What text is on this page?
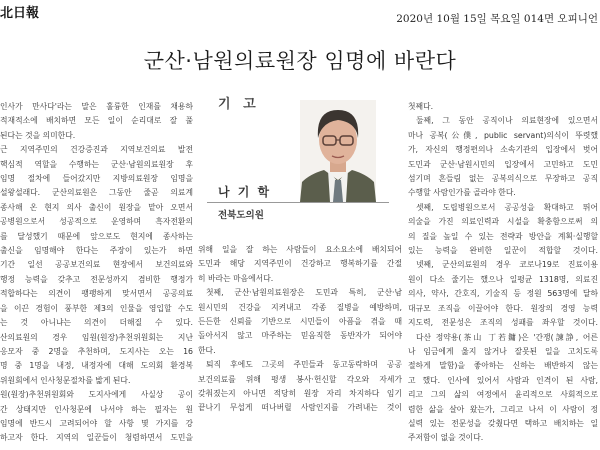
北日報	2020년 10월 15일 목요일 014면 오피니언
군산·남원의료원장 임명에 바란다
인사가 만사다'라는 말은 훌륭한 인재를 채용하
적재적소에 배치하면 모든 일이 순리대로 잘 풀
된다는 것을 의미한다.
근 지역주민의 건강증진과 지역보건의료 발전
핵심적 역할을 수행하는 군산·남원의료원장 후
임명 절차에 들어갔지만 지방의료원장 임명을
설왕설래다. 군산의료원은 그동안 줄곧 의료계
종사해 온 현지 의사 출신이 원장을 맡아 오면서
공병원으로서 성공적으로 운영하며 흑자전환의
를 달성했기 때문에 앞으로도 현지에 종사하는
출신을 임명해야 한다는 주장이 있는가 하면
기간 일선 공공보건의료 현장에서 보건의료와
행정 능력을 갖추고 전문성까지 겸비한 행정가
적합하다는 의견이 팽팽하게 맞서면서 공공의료
을 이끈 경험이 풍부한 제3의 인물을 영입할 수도
는 것 아니냐는 의견이 더해질 수 있다.
산의료원의 경우 임원(원장)추천위원회는 지난
응모자 중 2명을 추천하며, 도지사는 오는 16
명 중 1명을 내정, 내정자에 대해 도의회 환경복
위원회에서 인사청문절차를 밟게 된다.
원(원장)추천위원회와 도지사에게 사실상 공이
간 상태지만 인사청문에 나서야 하는 필자는 원
임명에 반드시 고려되어야 할 사항 몇 가지를 강
하고자 한다. 지역의 일꾼들이 청렴하면서 도민을
기 고
나 기 학
전북도의원
위해 일을 잘 하는 사람들이 요소요소에 배치되어
도민과 해당 지역주민이 건강하고 행복하기를 간절
히 바라는 마음에서다.
첫째, 군산·남원의료원장은 도민과 특히, 군산·남
원시민의 건강을 지켜내고 각종 질병을 예방하며,
든든한 신뢰를 기반으로 시민들이 아픔을 겪을 때
돌아서지 않고 마주하는 믿음직한 동반자가 되어야
한다.
퇴직 후에도 그곳의 주민들과 동고동락하며 공공
보건의료를 위해 평생 봉사·헌신할 각오와 자세가
갖춰졌는지 아니면 적당히 원장 자리 차지하다 임기
끝나기 무섭게 떠나버릴 사람인지를 가려내는 것이
첫째다.
둘째, 그 동안 공직이나 의료현장에 있으면서
마나 공복(公僕, public servant)의식이 뚜렷했
가, 자신의 행정편의나 소속기관의 입장에서 벗어
도민과 군산·남원시민의 입장에서 고민하고 도민
섬기며 흔들림 없는 공복의식으로 무장하고 공직
수행할 사람인가를 골라야 한다.
셋째, 도립병원으로서 공공성을 확대하고 뛰어
의술을 가진 의료인력과 시설을 확충함으로써 의
의 질을 높일 수 있는 전략과 방안을 계획·실행할
있는 능력을 완비한 일꾼이 적합할 것이다.
넷째, 군산의료원의 경우 코로나19로 진료이용
원이 다소 줄기는 했으나 일평균 1318명, 의료진
의사, 약사, 간호직, 기술직 등 정원 563명에 달하
대규모 조직을 이끌어야 한다. 원장의 경영 능력
지도력, 전문성은 조직의 성패를 좌우할 것이다.
다산 정약용(茶山 丁若鏞)은 '간쟁(諫諍, 어른
나 임금에게 옳지 않거나 잘못된 일을 고치도록
절하게 말함)을 좋아하는 신하는 배반하지 않는
고 했다. 인사에 있어서 사람과 인격이 된 사람,
리고 그의 삶의 여정에서 윤리적으로 사회적으로
렴한 삶을 살아 왔는가, 그리고 나서 이 사람이 정
실력 있는 전문성을 갖췄다면 택하고 배치하는 일
주저함이 없을 것이다.
